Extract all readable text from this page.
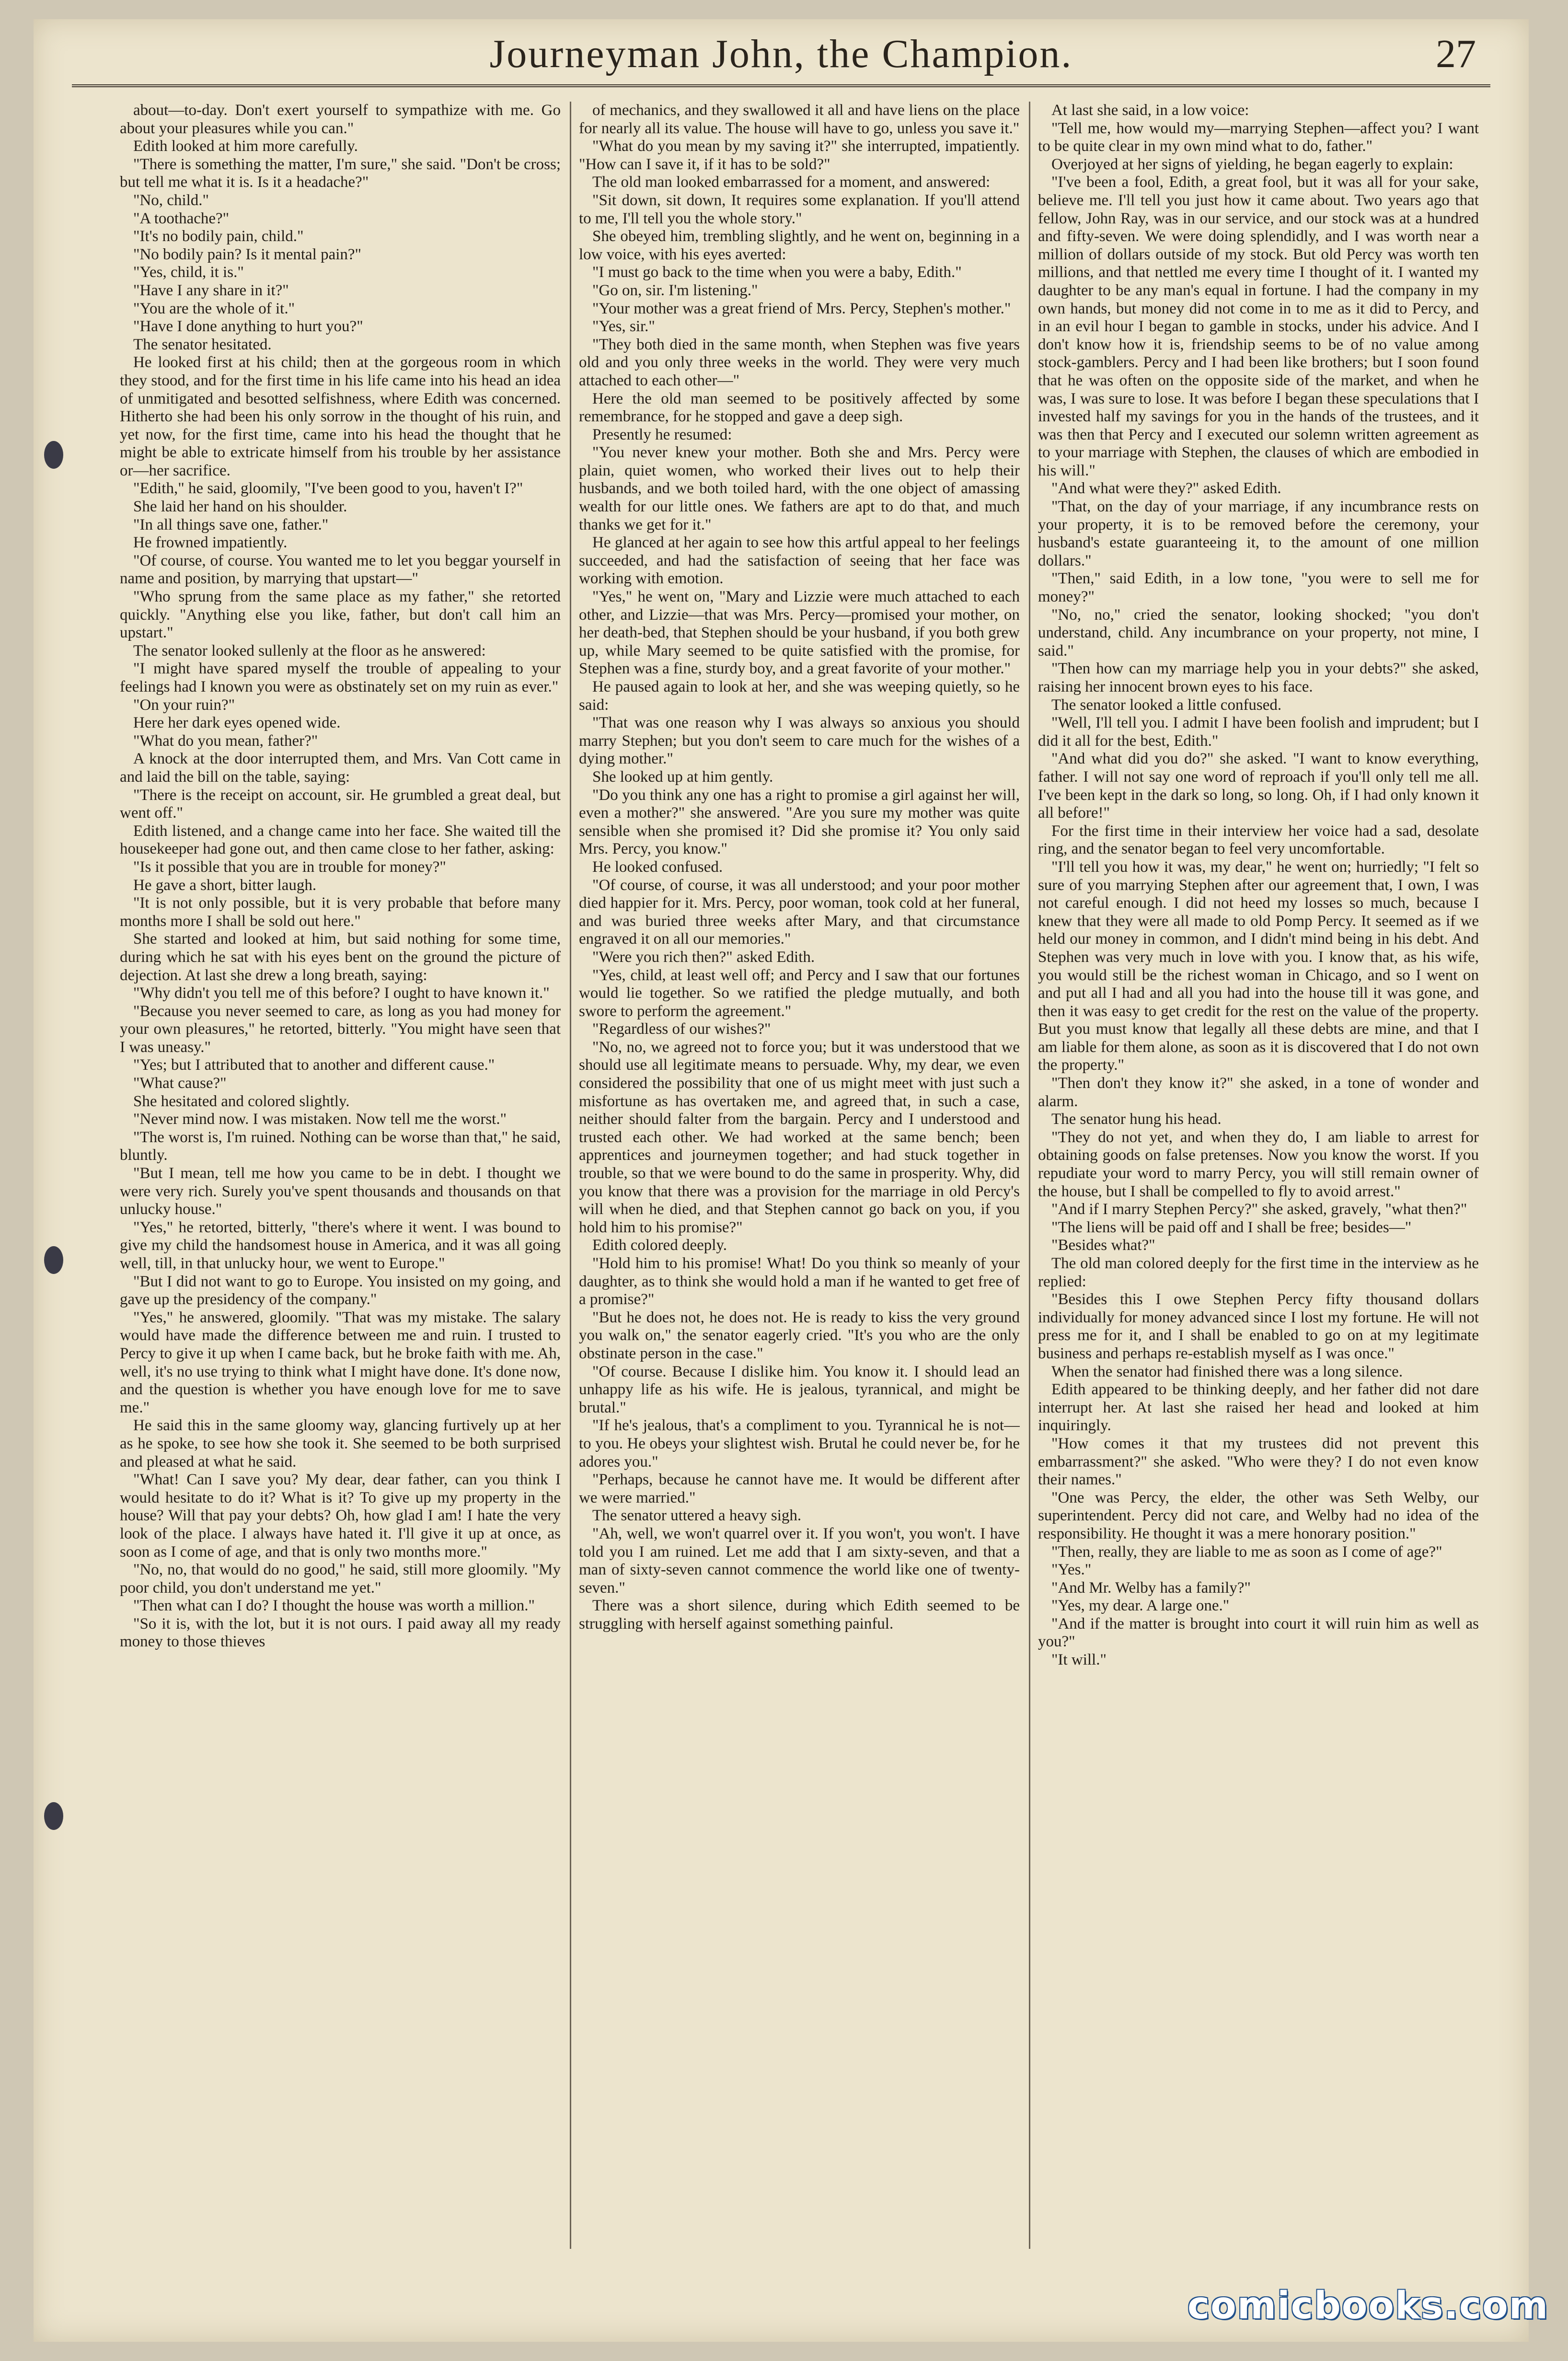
Journeyman John, the Champion.	27

about—to-day. Don't exert yourself to sympathize with me. Go about your pleasures while you can."

Edith looked at him more carefully.

"There is something the matter, I'm sure," she said. "Don't be cross; but tell me what it is. Is it a headache?"

"No, child."

"A toothache?"

"It's no bodily pain, child."

"No bodily pain? Is it mental pain?"

"Yes, child, it is."

"Have I any share in it?"

"You are the whole of it."

"Have I done anything to hurt you?"

The senator hesitated.

He looked first at his child; then at the gorgeous room in which they stood, and for the first time in his life came into his head an idea of unmitigated and besotted selfishness, where Edith was concerned. Hitherto she had been his only sorrow in the thought of his ruin, and yet now, for the first time, came into his head the thought that he might be able to extricate himself from his trouble by her assistance or—her sacrifice.

"Edith," he said, gloomily, "I've been good to you, haven't I?"

She laid her hand on his shoulder.

"In all things save one, father."

He frowned impatiently.

"Of course, of course. You wanted me to let you beggar yourself in name and position, by marrying that upstart—"

"Who sprung from the same place as my father," she retorted quickly. "Anything else you like, father, but don't call him an upstart."

The senator looked sullenly at the floor as he answered:

"I might have spared myself the trouble of appealing to your feelings had I known you were as obstinately set on my ruin as ever."

"On your ruin?"

Here her dark eyes opened wide.

"What do you mean, father?"

A knock at the door interrupted them, and Mrs. Van Cott came in and laid the bill on the table, saying:

"There is the receipt on account, sir. He grumbled a great deal, but went off."

Edith listened, and a change came into her face. She waited till the housekeeper had gone out, and then came close to her father, asking:

"Is it possible that you are in trouble for money?"

He gave a short, bitter laugh.

"It is not only possible, but it is very probable that before many months more I shall be sold out here."

She started and looked at him, but said nothing for some time, during which he sat with his eyes bent on the ground the picture of dejection. At last she drew a long breath, saying:

"Why didn't you tell me of this before? I ought to have known it."

"Because you never seemed to care, as long as you had money for your own pleasures," he retorted, bitterly. "You might have seen that I was uneasy."

"Yes; but I attributed that to another and different cause."

"What cause?"

She hesitated and colored slightly.

"Never mind now. I was mistaken. Now tell me the worst."

"The worst is, I'm ruined. Nothing can be worse than that," he said, bluntly.

"But I mean, tell me how you came to be in debt. I thought we were very rich. Surely you've spent thousands and thousands on that unlucky house."

"Yes," he retorted, bitterly, "there's where it went. I was bound to give my child the handsomest house in America, and it was all going well, till, in that unlucky hour, we went to Europe."

"But I did not want to go to Europe. You insisted on my going, and gave up the presidency of the company."

"Yes," he answered, gloomily. "That was my mistake. The salary would have made the difference between me and ruin. I trusted to Percy to give it up when I came back, but he broke faith with me. Ah, well, it's no use trying to think what I might have done. It's done now, and the question is whether you have enough love for me to save me."

He said this in the same gloomy way, glancing furtively up at her as he spoke, to see how she took it. She seemed to be both surprised and pleased at what he said.

"What! Can I save you? My dear, dear father, can you think I would hesitate to do it? What is it? To give up my property in the house? Will that pay your debts? Oh, how glad I am! I hate the very look of the place. I always have hated it. I'll give it up at once, as soon as I come of age, and that is only two months more."

"No, no, that would do no good," he said, still more gloomily. "My poor child, you don't understand me yet."

"Then what can I do? I thought the house was worth a million."

"So it is, with the lot, but it is not ours. I paid away all my ready money to those thieves

of mechanics, and they swallowed it all and have liens on the place for nearly all its value. The house will have to go, unless you save it."

"What do you mean by my saving it?" she interrupted, impatiently. "How can I save it, if it has to be sold?"

The old man looked embarrassed for a moment, and answered:

"Sit down, sit down, It requires some explanation. If you'll attend to me, I'll tell you the whole story."

She obeyed him, trembling slightly, and he went on, beginning in a low voice, with his eyes averted:

"I must go back to the time when you were a baby, Edith."

"Go on, sir. I'm listening."

"Your mother was a great friend of Mrs. Percy, Stephen's mother."

"Yes, sir."

"They both died in the same month, when Stephen was five years old and you only three weeks in the world. They were very much attached to each other—"

Here the old man seemed to be positively affected by some remembrance, for he stopped and gave a deep sigh.

Presently he resumed:

"You never knew your mother. Both she and Mrs. Percy were plain, quiet women, who worked their lives out to help their husbands, and we both toiled hard, with the one object of amassing wealth for our little ones. We fathers are apt to do that, and much thanks we get for it."

He glanced at her again to see how this artful appeal to her feelings succeeded, and had the satisfaction of seeing that her face was working with emotion.

"Yes," he went on, "Mary and Lizzie were much attached to each other, and Lizzie—that was Mrs. Percy—promised your mother, on her death-bed, that Stephen should be your husband, if you both grew up, while Mary seemed to be quite satisfied with the promise, for Stephen was a fine, sturdy boy, and a great favorite of your mother."

He paused again to look at her, and she was weeping quietly, so he said:

"That was one reason why I was always so anxious you should marry Stephen; but you don't seem to care much for the wishes of a dying mother."

She looked up at him gently.

"Do you think any one has a right to promise a girl against her will, even a mother?" she answered. "Are you sure my mother was quite sensible when she promised it? Did she promise it? You only said Mrs. Percy, you know."

He looked confused.

"Of course, of course, it was all understood; and your poor mother died happier for it. Mrs. Percy, poor woman, took cold at her funeral, and was buried three weeks after Mary, and that circumstance engraved it on all our memories."

"Were you rich then?" asked Edith.

"Yes, child, at least well off; and Percy and I saw that our fortunes would lie together. So we ratified the pledge mutually, and both swore to perform the agreement."

"Regardless of our wishes?"

"No, no, we agreed not to force you; but it was understood that we should use all legitimate means to persuade. Why, my dear, we even considered the possibility that one of us might meet with just such a misfortune as has overtaken me, and agreed that, in such a case, neither should falter from the bargain. Percy and I understood and trusted each other. We had worked at the same bench; been apprentices and journeymen together; and had stuck together in trouble, so that we were bound to do the same in prosperity. Why, did you know that there was a provision for the marriage in old Percy's will when he died, and that Stephen cannot go back on you, if you hold him to his promise?"

Edith colored deeply.

"Hold him to his promise! What! Do you think so meanly of your daughter, as to think she would hold a man if he wanted to get free of a promise?"

"But he does not, he does not. He is ready to kiss the very ground you walk on," the senator eagerly cried. "It's you who are the only obstinate person in the case."

"Of course. Because I dislike him. You know it. I should lead an unhappy life as his wife. He is jealous, tyrannical, and might be brutal."

"If he's jealous, that's a compliment to you. Tyrannical he is not—to you. He obeys your slightest wish. Brutal he could never be, for he adores you."

"Perhaps, because he cannot have me. It would be different after we were married."

The senator uttered a heavy sigh.

"Ah, well, we won't quarrel over it. If you won't, you won't. I have told you I am ruined. Let me add that I am sixty-seven, and that a man of sixty-seven cannot commence the world like one of twenty-seven."

There was a short silence, during which Edith seemed to be struggling with herself against something painful.

At last she said, in a low voice:

"Tell me, how would my—marrying Stephen—affect you? I want to be quite clear in my own mind what to do, father."

Overjoyed at her signs of yielding, he began eagerly to explain:

"I've been a fool, Edith, a great fool, but it was all for your sake, believe me. I'll tell you just how it came about. Two years ago that fellow, John Ray, was in our service, and our stock was at a hundred and fifty-seven. We were doing splendidly, and I was worth near a million of dollars outside of my stock. But old Percy was worth ten millions, and that nettled me every time I thought of it. I wanted my daughter to be any man's equal in fortune. I had the company in my own hands, but money did not come in to me as it did to Percy, and in an evil hour I began to gamble in stocks, under his advice. And I don't know how it is, friendship seems to be of no value among stock-gamblers. Percy and I had been like brothers; but I soon found that he was often on the opposite side of the market, and when he was, I was sure to lose. It was before I began these speculations that I invested half my savings for you in the hands of the trustees, and it was then that Percy and I executed our solemn written agreement as to your marriage with Stephen, the clauses of which are embodied in his will."

"And what were they?" asked Edith.

"That, on the day of your marriage, if any incumbrance rests on your property, it is to be removed before the ceremony, your husband's estate guaranteeing it, to the amount of one million dollars."

"Then," said Edith, in a low tone, "you were to sell me for money?"

"No, no," cried the senator, looking shocked; "you don't understand, child. Any incumbrance on your property, not mine, I said."

"Then how can my marriage help you in your debts?" she asked, raising her innocent brown eyes to his face.

The senator looked a little confused.

"Well, I'll tell you. I admit I have been foolish and imprudent; but I did it all for the best, Edith."

"And what did you do?" she asked. "I want to know everything, father. I will not say one word of reproach if you'll only tell me all. I've been kept in the dark so long, so long. Oh, if I had only known it all before!"

For the first time in their interview her voice had a sad, desolate ring, and the senator began to feel very uncomfortable.

"I'll tell you how it was, my dear," he went on; hurriedly; "I felt so sure of you marrying Stephen after our agreement that, I own, I was not careful enough. I did not heed my losses so much, because I knew that they were all made to old Pomp Percy. It seemed as if we held our money in common, and I didn't mind being in his debt. And Stephen was very much in love with you. I know that, as his wife, you would still be the richest woman in Chicago, and so I went on and put all I had and all you had into the house till it was gone, and then it was easy to get credit for the rest on the value of the property. But you must know that legally all these debts are mine, and that I am liable for them alone, as soon as it is discovered that I do not own the property."

"Then don't they know it?" she asked, in a tone of wonder and alarm.

The senator hung his head.

"They do not yet, and when they do, I am liable to arrest for obtaining goods on false pretenses. Now you know the worst. If you repudiate your word to marry Percy, you will still remain owner of the house, but I shall be compelled to fly to avoid arrest."

"And if I marry Stephen Percy?" she asked, gravely, "what then?"

"The liens will be paid off and I shall be free; besides—"

"Besides what?"

The old man colored deeply for the first time in the interview as he replied:

"Besides this I owe Stephen Percy fifty thousand dollars individually for money advanced since I lost my fortune. He will not press me for it, and I shall be enabled to go on at my legitimate business and perhaps re-establish myself as I was once."

When the senator had finished there was a long silence.

Edith appeared to be thinking deeply, and her father did not dare interrupt her. At last she raised her head and looked at him inquiringly.

"How comes it that my trustees did not prevent this embarrassment?" she asked. "Who were they? I do not even know their names."

"One was Percy, the elder, the other was Seth Welby, our superintendent. Percy did not care, and Welby had no idea of the responsibility. He thought it was a mere honorary position."

"Then, really, they are liable to me as soon as I come of age?"

"Yes."

"And Mr. Welby has a family?"

"Yes, my dear. A large one."

"And if the matter is brought into court it will ruin him as well as you?"

"It will."

comicbooks.com
